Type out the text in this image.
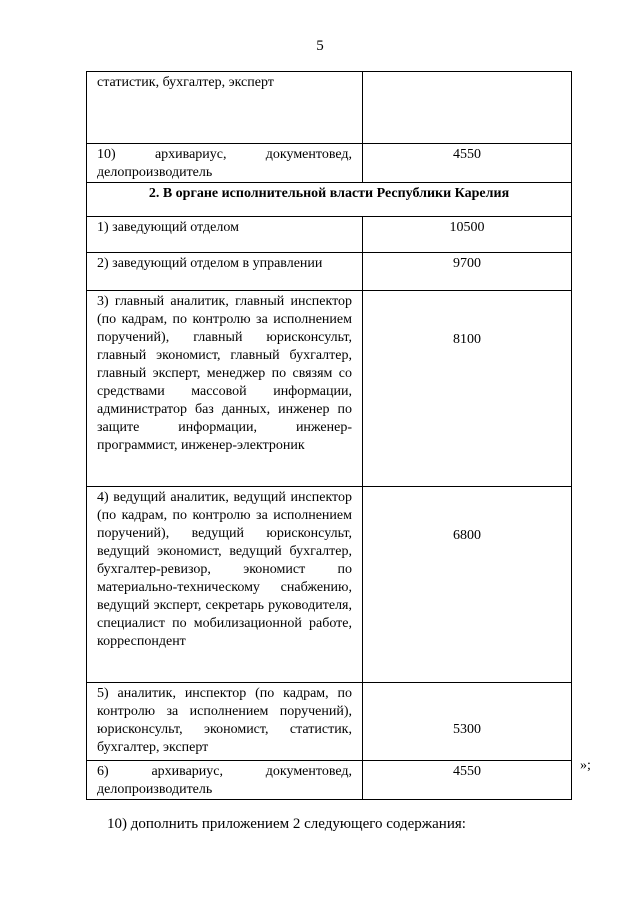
5
статистик, бухгалтер, эксперт	
10) архивариус, документовед, делопроизводитель	4550
2. В органе исполнительной власти Республики Карелия	
1) заведующий отделом	10500
2) заведующий отделом в управлении	9700
3) главный аналитик, главный инспектор (по кадрам, по контролю за исполнением поручений), главный юрисконсульт, главный экономист, главный бухгалтер, главный эксперт, менеджер по связям со средствами массовой информации, администратор баз данных, инженер по защите информации, инженер-программист, инженер-электроник	8100

4) ведущий аналитик, ведущий инспектор (по кадрам, по контролю за исполнением поручений), ведущий юрисконсульт, ведущий экономист, ведущий бухгалтер, бухгалтер-ревизор, экономист по материально-техническому снабжению, ведущий эксперт, секретарь руководителя, специалист по мобилизационной работе, корреспондент	6800

5) аналитик, инспектор (по кадрам, по контролю за исполнением поручений), юрисконсульт, экономист, статистик, бухгалтер, эксперт	5300

6) архивариус, документовед, делопроизводитель	4550	»;
10) дополнить приложением 2 следующего содержания:
